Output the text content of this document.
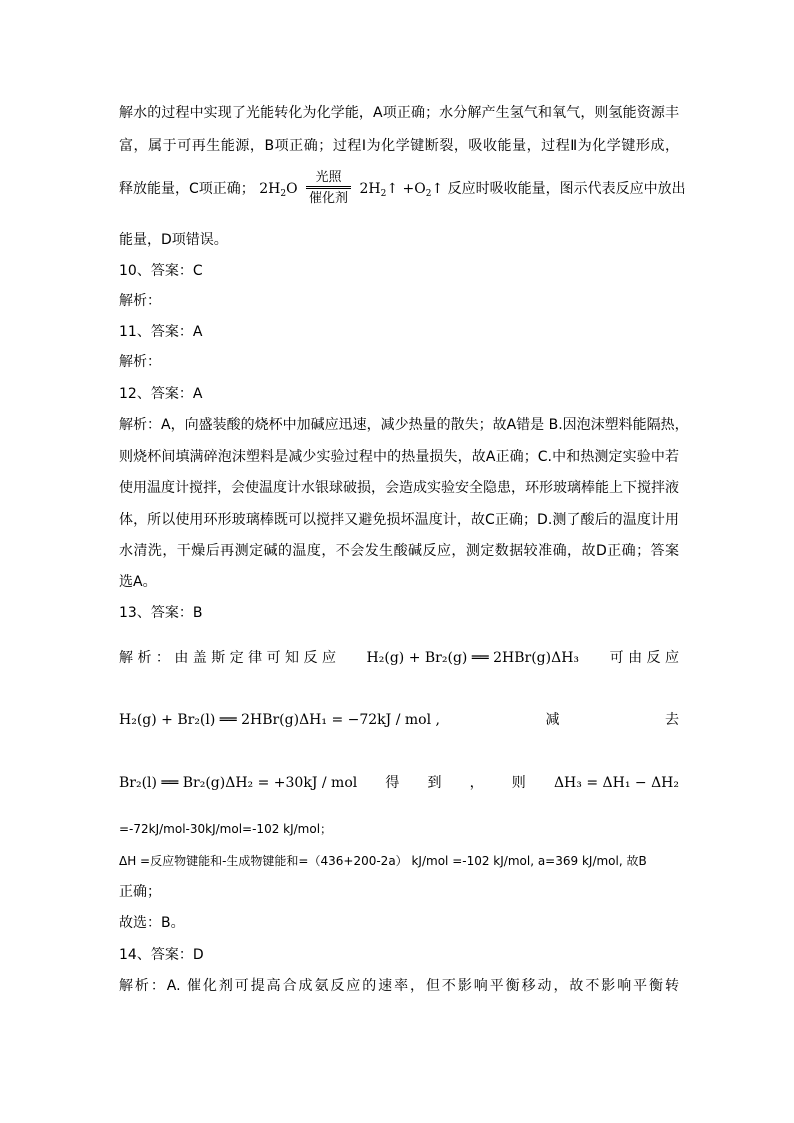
解水的过程中实现了光能转化为化学能，A项正确；水分解产生氢气和氧气，则氢能资源丰
富，属于可再生能源，B项正确；过程Ⅰ为化学键断裂，吸收能量，过程Ⅱ为化学键形成，
释放能量，C项正确； $2H_2O \frac{\text{光照}}{\text{催化剂}}$ $2H_2↑$ $+O_2↑$ 反应时吸收能量，图示代表反应中放出
能量，D项错误。
10、答案：C
解析：
11、答案：A
解析：
12、答案：A
解析：A，向盛装酸的烧杯中加碱应迅速，减少热量的散失；故A错是 B.因泡沫塑料能隔热，
则烧杯间填满碎泡沫塑料是减少实验过程中的热量损失，故A正确；C.中和热测定实验中若
使用温度计搅拌，会使温度计水银球破损，会造成实验安全隐患，环形玻璃棒能上下搅拌液
体，所以使用环形玻璃棒既可以搅拌又避免损坏温度计，故C正确；D.测了酸后的温度计用
水清洗，干燥后再测定碱的温度，不会发生酸碱反应，测定数据较准确，故D正确；答案
选A。
13、答案：B
解 析 ： 由 盖 斯 定 律 可 知 反 应 H₂(g) + Br₂(g) ══ 2HBr(g)ΔH₃ 可 由 反 应
H₂(g) + Br₂(l) ══ 2HBr(g)ΔH₁ = −72kJ / mol ,	减	去
Br₂(l) ══ Br₂(g)ΔH₂ = +30kJ / mol 得 到 ， 则 ΔH₃ = ΔH₁ − ΔH₂
=-72kJ/mol-30kJ/mol=-102 kJ/mol；
ΔH =反应物键能和-生成物键能和=（436+200-2a） kJ/mol =-102 kJ/mol, a=369 kJ/mol, 故B
正确；
故选：B。
14、答案：D
解析：A. 催化剂可提高合成氨反应的速率，但不影响平衡移动，故不影响平衡转
